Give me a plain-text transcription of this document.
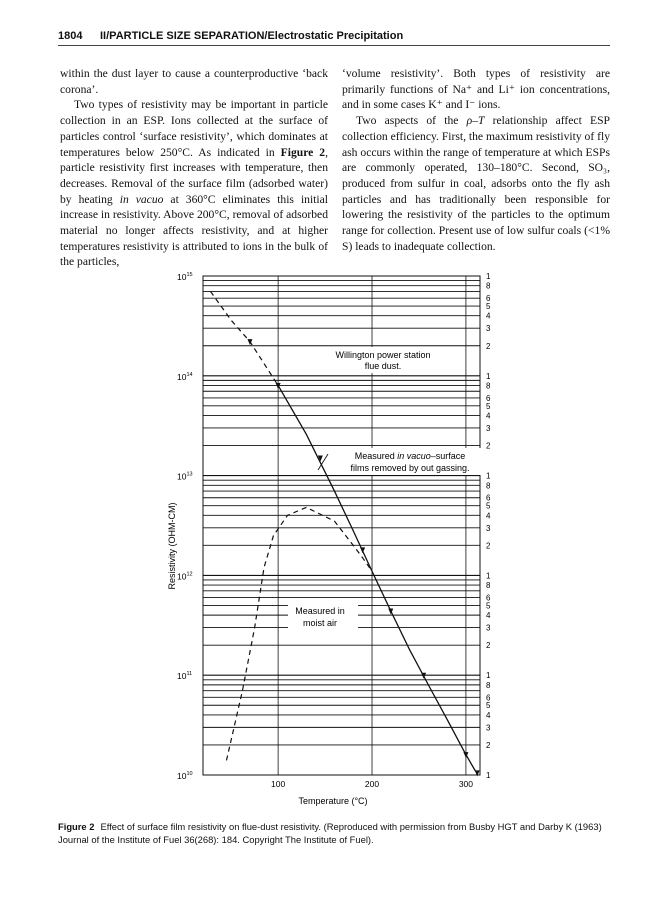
1804 II/PARTICLE SIZE SEPARATION/Electrostatic Precipitation

within the dust layer to cause a counterproductive ‘back corona’.

Two types of resistivity may be important in particle collection in an ESP. Ions collected at the surface of particles control ‘surface resistivity’, which dominates at temperatures below 250°C. As indicated in Figure 2, particle resistivity first increases with temperature, then decreases. Removal of the surface film (adsorbed water) by heating in vacuo at 360°C eliminates this initial increase in resistivity. Above 200°C, removal of adsorbed material no longer affects resistivity, and at higher temperatures resistivity is attributed to ions in the bulk of the particles,

‘volume resistivity’. Both types of resistivity are primarily functions of Na⁺ and Li⁺ ion concentrations, and in some cases K⁺ and I⁻ ions.

Two aspects of the ρ–T relationship affect ESP collection efficiency. First, the maximum resistivity of fly ash occurs within the range of temperature at which ESPs are commonly operated, 130–180°C. Second, SO₃, produced from sulfur in coal, adsorbs onto the fly ash particles and has traditionally been responsible for lowering the resistivity of the particles to the optimum range for collection. Present use of low sulfur coals (<1% S) leads to inadequate collection.

$10^{15}$
$10^{14}$
$10^{13}$
$10^{12}$
$10^{11}$
$10^{10}$
1
8
6
5
4
3
2
1
8
6
5
4
3
2
1
8
6
5
4
3
2
1
8
6
5
4
3
2
1
8
6
5
4
3
2
1
100	200	300
Resistivity (OHM-CM)
Temperature (°C)
Willington power station
flue dust.
Measured in vacuo–surface
films removed by out gassing.
Measured in
moist air
Figure 2 Effect of surface film resistivity on flue-dust resistivity. (Reproduced with permission from Busby HGT and Darby K (1963) Journal of the Institute of Fuel 36(268): 184. Copyright The Institute of Fuel).
